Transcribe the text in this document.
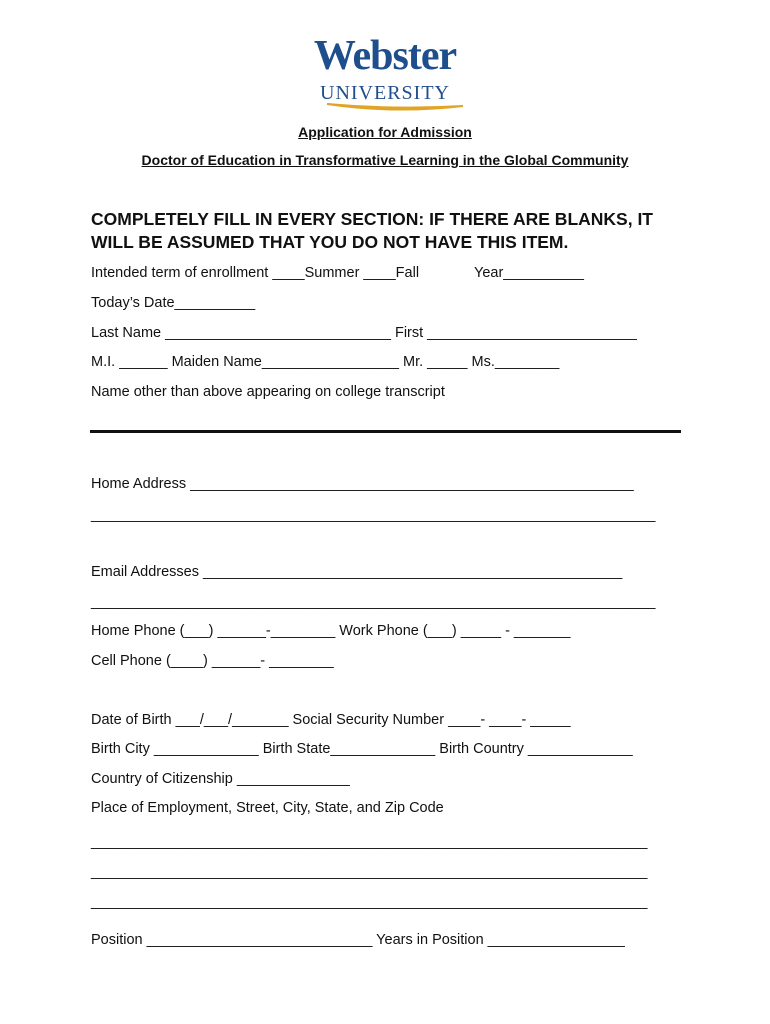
Webster
UNIVERSITY
Application for Admission
Doctor of Education in Transformative Learning in the Global Community
COMPLETELY FILL IN EVERY SECTION: IF THERE ARE BLANKS, IT WILL BE ASSUMED THAT YOU DO NOT HAVE THIS ITEM.
Intended term of enrollment ____Summer ____Fall	Year__________
Today’s Date__________
Last Name ____________________________ First __________________________
M.I. ______ Maiden Name_________________ Mr. _____ Ms.________
Name other than above appearing on college transcript
Home Address _______________________________________________________
______________________________________________________________________
Email Addresses ____________________________________________________
______________________________________________________________________
Home Phone (___) ______-________ Work Phone (___) _____ - _______
Cell Phone (____) ______- ________
Date of Birth ___/___/_______ Social Security Number ____- ____- _____
Birth City _____________ Birth State_____________ Birth Country _____________
Country of Citizenship ______________
Place of Employment, Street, City, State, and Zip Code
_____________________________________________________________________
_____________________________________________________________________
_____________________________________________________________________
Position ____________________________ Years in Position _________________
